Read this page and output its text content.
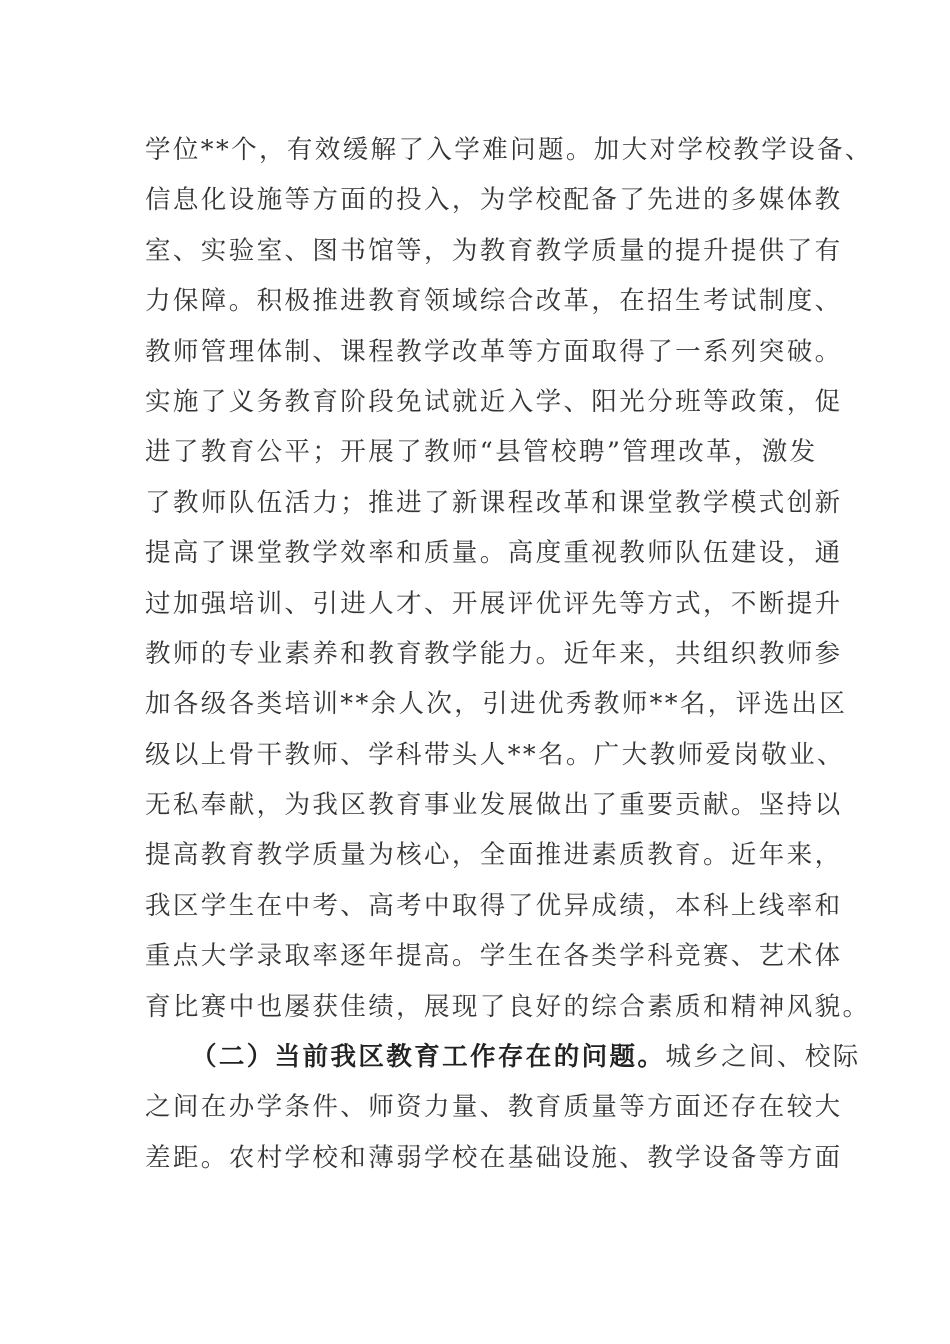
学位**个，有效缓解了入学难问题。加大对学校教学设备、
信息化设施等方面的投入，为学校配备了先进的多媒体教
室、实验室、图书馆等，为教育教学质量的提升提供了有
力保障。积极推进教育领域综合改革，在招生考试制度、
教师管理体制、课程教学改革等方面取得了一系列突破。
实施了义务教育阶段免试就近入学、阳光分班等政策，促
进了教育公平；开展了教师“县管校聘”管理改革，激发
了教师队伍活力；推进了新课程改革和课堂教学模式创新
提高了课堂教学效率和质量。高度重视教师队伍建设，通
过加强培训、引进人才、开展评优评先等方式，不断提升
教师的专业素养和教育教学能力。近年来，共组织教师参
加各级各类培训**余人次，引进优秀教师**名，评选出区
级以上骨干教师、学科带头人**名。广大教师爱岗敬业、
无私奉献，为我区教育事业发展做出了重要贡献。坚持以
提高教育教学质量为核心，全面推进素质教育。近年来，
我区学生在中考、高考中取得了优异成绩，本科上线率和
重点大学录取率逐年提高。学生在各类学科竞赛、艺术体
育比赛中也屡获佳绩，展现了良好的综合素质和精神风貌。
（二）当前我区教育工作存在的问题。城乡之间、校际
之间在办学条件、师资力量、教育质量等方面还存在较大
差距。农村学校和薄弱学校在基础设施、教学设备等方面
